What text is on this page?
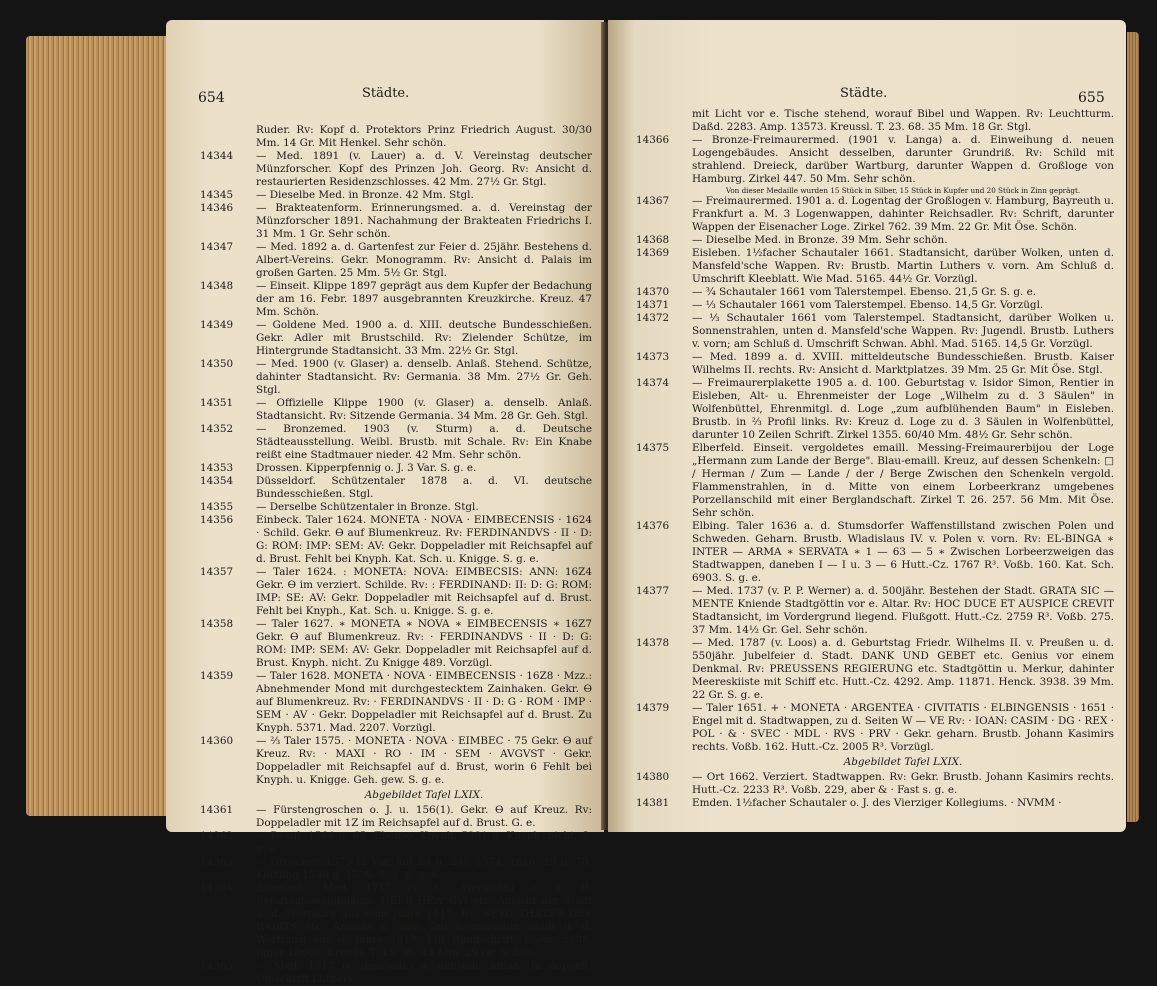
654	Städte.
Ruder. Rv: Kopf d. Protektors Prinz Friedrich August. 30/30 Mm. 14 Gr. Mit Henkel. Sehr schön.
14344 — Med. 1891 (v. Lauer) a. d. V. Vereinstag deutscher Münzforscher. Kopf des Prinzen Joh. Georg. Rv: Ansicht d. restaurierten Residenzschlosses. 42 Mm. 27½ Gr. Stgl.
14345 — Dieselbe Med. in Bronze. 42 Mm. Stgl.
14346 — Brakteatenform. Erinnerungsmed. a. d. Vereinstag der Münzforscher 1891. Nachahmung der Brakteaten Friedrichs I. 31 Mm. 1 Gr. Sehr schön.
14347 — Med. 1892 a. d. Gartenfest zur Feier d. 25jähr. Bestehens d. Albert-Vereins. Gekr. Monogramm. Rv: Ansicht d. Palais im großen Garten. 25 Mm. 5½ Gr. Stgl.
14348 — Einseit. Klippe 1897 geprägt aus dem Kupfer der Bedachung der am 16. Febr. 1897 ausgebrannten Kreuzkirche. Kreuz. 47 Mm. Schön.
14349 — Goldene Med. 1900 a. d. XIII. deutsche Bundesschießen. Gekr. Adler mit Brustschild. Rv: Zielender Schütze, im Hintergrunde Stadtansicht. 33 Mm. 22½ Gr. Stgl.
14350 — Med. 1900 (v. Glaser) a. denselb. Anlaß. Stehend. Schütze, dahinter Stadtansicht. Rv: Germania. 38 Mm. 27½ Gr. Geh. Stgl.
14351 — Offizielle Klippe 1900 (v. Glaser) a. denselb. Anlaß. Stadtansicht. Rv: Sitzende Germania. 34 Mm. 28 Gr. Geh. Stgl.
14352 — Bronzemed. 1903 (v. Sturm) a. d. Deutsche Städteausstellung. Weibl. Brustb. mit Schale. Rv: Ein Knabe reißt eine Stadtmauer nieder. 42 Mm. Sehr schön.
14353 Drossen. Kipperpfennig o. J. 3 Var. S. g. e.
14354 Düsseldorf. Schützentaler 1878 a. d. VI. deutsche Bundesschießen. Stgl.
14355 — Derselbe Schützentaler in Bronze. Stgl.
14356 Einbeck. Taler 1624. MONETA · NOVA · EIMBECENSIS · 1624 · Schild. Gekr. Ɵ auf Blumenkreuz. Rv: FERDINANDVS · II · D: G: ROM: IMP: SEM: AV: Gekr. Doppeladler mit Reichsapfel auf d. Brust. Fehlt bei Knyph. Kat. Sch. u. Knigge. S. g. e.
14357 — Taler 1624. : MONETA: NOVA: EIMBECSIS: ANN: 16Z4 Gekr. Ɵ im verziert. Schilde. Rv: : FERDINAND: II: D: G: ROM: IMP: SE: AV: Gekr. Doppeladler mit Reichsapfel auf d. Brust. Fehlt bei Knyph., Kat. Sch. u. Knigge. S. g. e.
14358 — Taler 1627. ∗ MONETA ∗ NOVA ∗ EIMBECENSIS ∗ 16Z7 Gekr. Ɵ auf Blumenkreuz. Rv: · FERDINANDVS · II · D: G: ROM: IMP: SEM: AV: Gekr. Doppeladler mit Reichsapfel auf d. Brust. Knyph. nicht. Zu Knigge 489. Vorzügl.
14359 — Taler 1628. MONETA · NOVA · EIMBECENSIS · 16Z8 · Mzz.: Abnehmender Mond mit durchgestecktem Zainhaken. Gekr. Ɵ auf Blumenkreuz. Rv: · FERDINANDVS · II · D: G · ROM · IMP · SEM · AV · Gekr. Doppeladler mit Reichsapfel auf d. Brust. Zu Knyph. 5371. Mad. 2207. Vorzügl.
14360 — ⅔ Taler 1575. · MONETA · NOVA · EIMBEC · 75 Gekr. Ɵ auf Kreuz. Rv: · MAXI · RO · IM · SEM · AVGVST · Gekr. Doppeladler mit Reichsapfel auf d. Brust, worin 6 Fehlt bei Knyph. u. Knigge. Geh. gew. S. g. e.
Abgebildet Tafel LXIX.
14361 — Fürstengroschen o. J. u. 156(1). Gekr. Ɵ auf Kreuz. Rv: Doppeladler mit 1Z im Reichsapfel auf d. Brust. G. e.
14362 — Desgl. 1564 u. 65. Ebenso. Knyph. 5381 u. Knyph. nicht. S. g. e.
14363 — Groschen 1573 (2 Var. mit Z4 u. 24), 1574, 1616, 19 u. 70; Körtling 1530 u. 1536. S. g. u. g. e.
14364 Eisenach. Med. 1717 (v. C. Wermuth) a. d. II. Reformationsjubiläum. HERR HErr GVt etc. Ansicht der Stadt u. d. Wartburg aus dem Jahre 1517. Rv: SEYD THÄTER DES WORTS etc. Ansicht d. zum Teil brennenden Stadt u. d. Wartburg aus d. Jahre 1617. Mit Randschrift. Daßd. 2288. Jäger 13600. Kreußl. T. 15. 36. 44 Mm. 29 Gr. Schön.
14365 — Med. 1717 (v. demselb.) a. denselb. Anlaß. In doppelt. Umschrift Luthers
Städte.	655
mit Licht vor e. Tische stehend, worauf Bibel und Wappen. Rv: Leuchtturm. Daßd. 2283. Amp. 13573. Kreussl. T. 23. 68. 35 Mm. 18 Gr. Stgl.
14366 — Bronze-Freimaurermed. (1901 v. Langa) a. d. Einweihung d. neuen Logengebäudes. Ansicht desselben, darunter Grundriß. Rv: Schild mit strahlend. Dreieck, darüber Wartburg, darunter Wappen d. Großloge von Hamburg. Zirkel 447. 50 Mm. Sehr schön.
Von dieser Medaille wurden 15 Stück in Silber, 15 Stück in Kupfer und 20 Stück in Zinn geprägt.
14367 — Freimaurermed. 1901 a. d. Logentag der Großlogen v. Hamburg, Bayreuth u. Frankfurt a. M. 3 Logenwappen, dahinter Reichsadler. Rv: Schrift, darunter Wappen der Eisenacher Loge. Zirkel 762. 39 Mm. 22 Gr. Mit Öse. Schön.
14368 — Dieselbe Med. in Bronze. 39 Mm. Sehr schön.
14369 Eisleben. 1½facher Schautaler 1661. Stadtansicht, darüber Wolken, unten d. Mansfeld'sche Wappen. Rv: Brustb. Martin Luthers v. vorn. Am Schluß d. Umschrift Kleeblatt. Wie Mad. 5165. 44½ Gr. Vorzügl.
14370 — ¾ Schautaler 1661 vom Talerstempel. Ebenso. 21,5 Gr. S. g. e.
14371 — ⅓ Schautaler 1661 vom Talerstempel. Ebenso. 14,5 Gr. Vorzügl.
14372 — ⅓ Schautaler 1661 vom Talerstempel. Stadtansicht, darüber Wolken u. Sonnenstrahlen, unten d. Mansfeld'sche Wappen. Rv: Jugendl. Brustb. Luthers v. vorn; am Schluß d. Umschrift Schwan. Abhl. Mad. 5165. 14,5 Gr. Vorzügl.
14373 — Med. 1899 a. d. XVIII. mitteldeutsche Bundesschießen. Brustb. Kaiser Wilhelms II. rechts. Rv: Ansicht d. Marktplatzes. 39 Mm. 25 Gr. Mit Öse. Stgl.
14374 — Freimaurerplakette 1905 a. d. 100. Geburtstag v. Isidor Simon, Rentier in Eisleben, Alt- u. Ehrenmeister der Loge „Wilhelm zu d. 3 Säulen" in Wolfenbüttel, Ehrenmitgl. d. Loge „zum aufblühenden Baum" in Eisleben. Brustb. in ⅔ Profil links. Rv: Kreuz d. Loge zu d. 3 Säulen in Wolfenbüttel, darunter 10 Zeilen Schrift. Zirkel 1355. 60/40 Mm. 48½ Gr. Sehr schön.
14375 Elberfeld. Einseit. vergoldetes emaill. Messing-Freimaurerbijou der Loge „Hermann zum Lande der Berge". Blau-emaill. Kreuz, auf dessen Schenkeln: □ / Herman / Zum — Lande / der / Berge Zwischen den Schenkeln vergold. Flammenstrahlen, in d. Mitte von einem Lorbeerkranz umgebenes Porzellanschild mit einer Berglandschaft. Zirkel T. 26. 257. 56 Mm. Mit Öse. Sehr schön.
14376 Elbing. Taler 1636 a. d. Stumsdorfer Waffenstillstand zwischen Polen und Schweden. Geharn. Brustb. Wladislaus IV. v. Polen v. vorn. Rv: EL-BINGA ∗ INTER — ARMA ∗ SERVATA ∗ 1 — 63 — 5 ∗ Zwischen Lorbeerzweigen das Stadtwappen, daneben I — I u. 3 — 6 Hutt.-Cz. 1767 R³. Voßb. 160. Kat. Sch. 6903. S. g. e.
14377 — Med. 1737 (v. P. P. Werner) a. d. 500jähr. Bestehen der Stadt. GRATA SIC — MENTE Kniende Stadtgöttin vor e. Altar. Rv: HOC DUCE ET AUSPICE CREVIT Stadtansicht, im Vordergrund liegend. Flußgott. Hutt.-Cz. 2759 R³. Voßb. 275. 37 Mm. 14½ Gr. Gel. Sehr schön.
14378 — Med. 1787 (v. Loos) a. d. Geburtstag Friedr. Wilhelms II. v. Preußen u. d. 550jähr. Jubelfeier d. Stadt. DANK UND GEBET etc. Genius vor einem Denkmal. Rv: PREUSSENS REGIERUNG etc. Stadtgöttin u. Merkur, dahinter Meereskiiste mit Schiff etc. Hutt.-Cz. 4292. Amp. 11871. Henck. 3938. 39 Mm. 22 Gr. S. g. e.
14379 — Taler 1651. + · MONETA · ARGENTEA · CIVITATIS · ELBINGENSIS · 1651 · Engel mit d. Stadtwappen, zu d. Seiten W — VE Rv: · IOAN: CASIM · DG · REX · POL · & · SVEC · MDL · RVS · PRV · Gekr. geharn. Brustb. Johann Kasimirs rechts. Voßb. 162. Hutt.-Cz. 2005 R³. Vorzügl.
Abgebildet Tafel LXIX.
14380 — Ort 1662. Verziert. Stadtwappen. Rv: Gekr. Brustb. Johann Kasimirs rechts. Hutt.-Cz. 2233 R³. Voßb. 229, aber & · Fast s. g. e.
14381 Emden. 1½facher Schautaler o. J. des Vierziger Kollegiums. · NVMM ·
